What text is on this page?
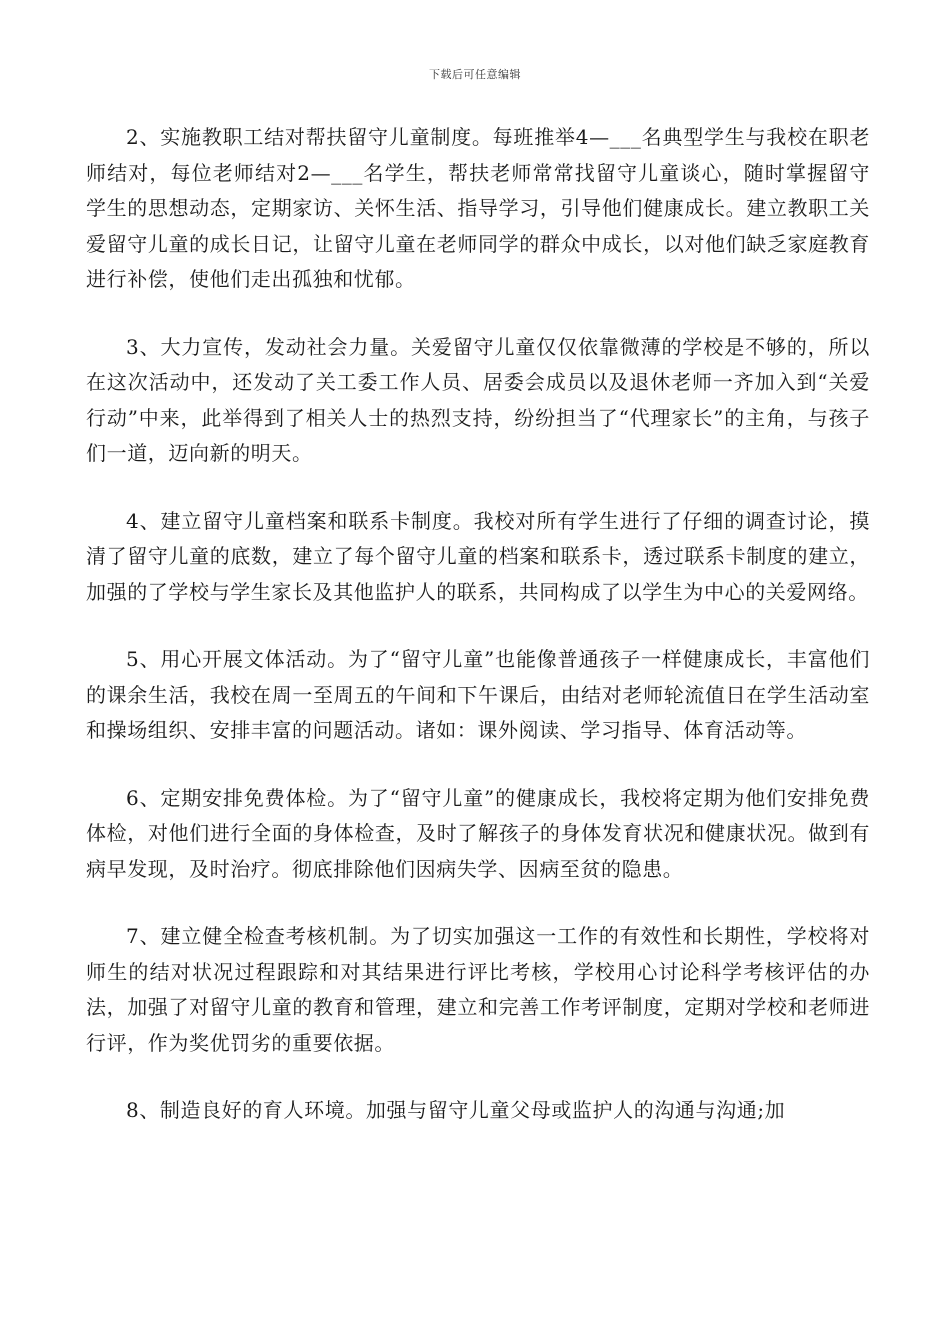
下载后可任意编辑

2、实施教职工结对帮扶留守儿童制度。每班推举4—___名典型学生与我校在职老师结对，每位老师结对2—___名学生，帮扶老师常常找留守儿童谈心，随时掌握留守学生的思想动态，定期家访、关怀生活、指导学习，引导他们健康成长。建立教职工关爱留守儿童的成长日记，让留守儿童在老师同学的群众中成长，以对他们缺乏家庭教育进行补偿，使他们走出孤独和忧郁。

3、大力宣传，发动社会力量。关爱留守儿童仅仅依靠微薄的学校是不够的，所以在这次活动中，还发动了关工委工作人员、居委会成员以及退休老师一齐加入到“关爱行动”中来，此举得到了相关人士的热烈支持，纷纷担当了“代理家长”的主角，与孩子们一道，迈向新的明天。

4、建立留守儿童档案和联系卡制度。我校对所有学生进行了仔细的调查讨论，摸清了留守儿童的底数，建立了每个留守儿童的档案和联系卡，透过联系卡制度的建立，加强的了学校与学生家长及其他监护人的联系，共同构成了以学生为中心的关爱网络。

5、用心开展文体活动。为了“留守儿童”也能像普通孩子一样健康成长，丰富他们的课余生活，我校在周一至周五的午间和下午课后，由结对老师轮流值日在学生活动室和操场组织、安排丰富的问题活动。诸如：课外阅读、学习指导、体育活动等。

6、定期安排免费体检。为了“留守儿童”的健康成长，我校将定期为他们安排免费体检，对他们进行全面的身体检查，及时了解孩子的身体发育状况和健康状况。做到有病早发现，及时治疗。彻底排除他们因病失学、因病至贫的隐患。

7、建立健全检查考核机制。为了切实加强这一工作的有效性和长期性，学校将对师生的结对状况过程跟踪和对其结果进行评比考核，学校用心讨论科学考核评估的办法，加强了对留守儿童的教育和管理，建立和完善工作考评制度，定期对学校和老师进行评，作为奖优罚劣的重要依据。

8、制造良好的育人环境。加强与留守儿童父母或监护人的沟通与沟通;加
